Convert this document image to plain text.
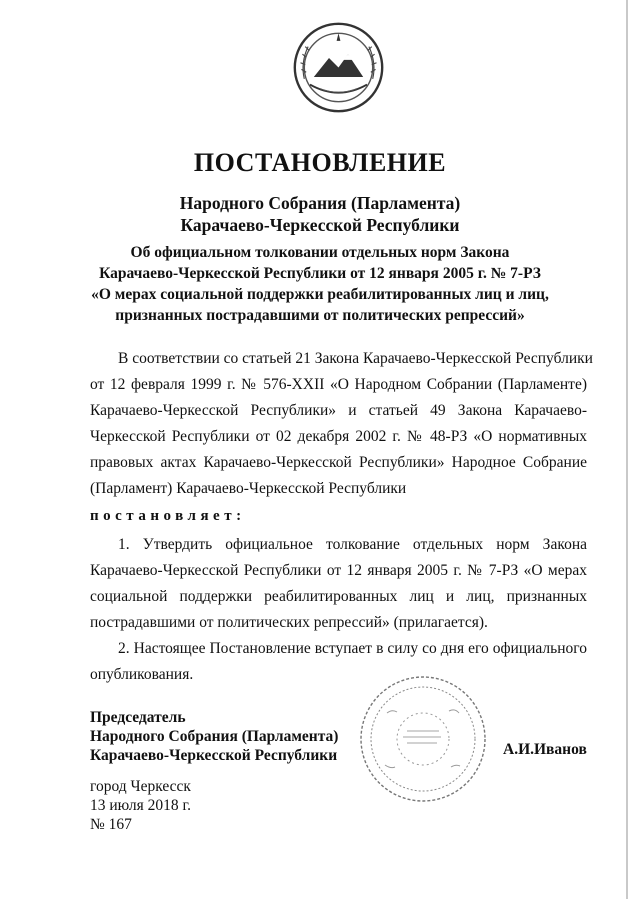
ПОСТАНОВЛЕНИЕ
Народного Собрания (Парламента)
Карачаево-Черкесской Республики
Об официальном толковании отдельных норм Закона
Карачаево-Черкесской Республики от 12 января 2005 г. № 7-РЗ
«О мерах социальной поддержки реабилитированных лиц и лиц,
признанных пострадавшими от политических репрессий»
В соответствии со статьей 21 Закона Карачаево-Черкесской Республики
от 12 февраля 1999 г. № 576-XXII «О Народном Собрании (Парламенте)
Карачаево-Черкесской Республики» и статьей 49 Закона Карачаево-
Черкесской Республики от 02 декабря 2002 г. № 48-РЗ «О нормативных
правовых актах Карачаево-Черкесской Республики» Народное Собрание
(Парламент) Карачаево-Черкесской Республики
постановляет:
1. Утвердить официальное толкование отдельных норм Закона
Карачаево-Черкесской Республики от 12 января 2005 г. № 7-РЗ «О мерах
социальной поддержки реабилитированных лиц и лиц, признанных
пострадавшими от политических репрессий» (прилагается).
2. Настоящее Постановление вступает в силу со дня его официального
опубликования.
Председатель
Народного Собрания (Парламента)
Карачаево-Черкесской Республики	А.И.Иванов
город Черкесск
13 июля 2018 г.
№ 167
